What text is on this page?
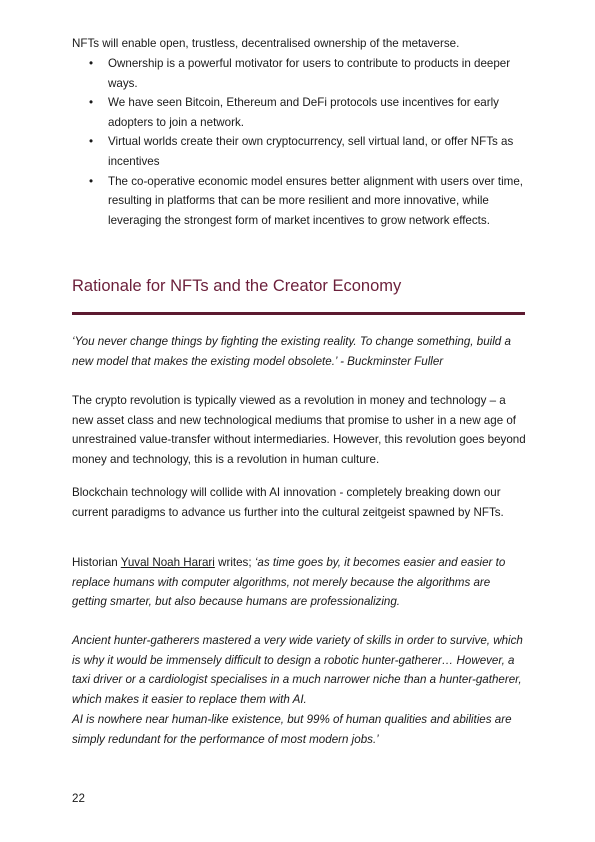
NFTs will enable open, trustless, decentralised ownership of the metaverse.

• Ownership is a powerful motivator for users to contribute to products in deeper ways.
• We have seen Bitcoin, Ethereum and DeFi protocols use incentives for early adopters to join a network.
• Virtual worlds create their own cryptocurrency, sell virtual land, or offer NFTs as incentives
• The co-operative economic model ensures better alignment with users over time, resulting in platforms that can be more resilient and more innovative, while leveraging the strongest form of market incentives to grow network effects.
Rationale for NFTs and the Creator Economy

‘You never change things by fighting the existing reality. To change something, build a new model that makes the existing model obsolete.’ - Buckminster Fuller

The crypto revolution is typically viewed as a revolution in money and technology – a new asset class and new technological mediums that promise to usher in a new age of unrestrained value-transfer without intermediaries. However, this revolution goes beyond money and technology, this is a revolution in human culture.

Blockchain technology will collide with AI innovation - completely breaking down our current paradigms to advance us further into the cultural zeitgeist spawned by NFTs.

Historian Yuval Noah Harari writes; ‘as time goes by, it becomes easier and easier to replace humans with computer algorithms, not merely because the algorithms are getting smarter, but also because humans are professionalizing.

Ancient hunter-gatherers mastered a very wide variety of skills in order to survive, which is why it would be immensely difficult to design a robotic hunter-gatherer… However, a taxi driver or a cardiologist specialises in a much narrower niche than a hunter-gatherer, which makes it easier to replace them with AI.

AI is nowhere near human-like existence, but 99% of human qualities and abilities are simply redundant for the performance of most modern jobs.’

22
